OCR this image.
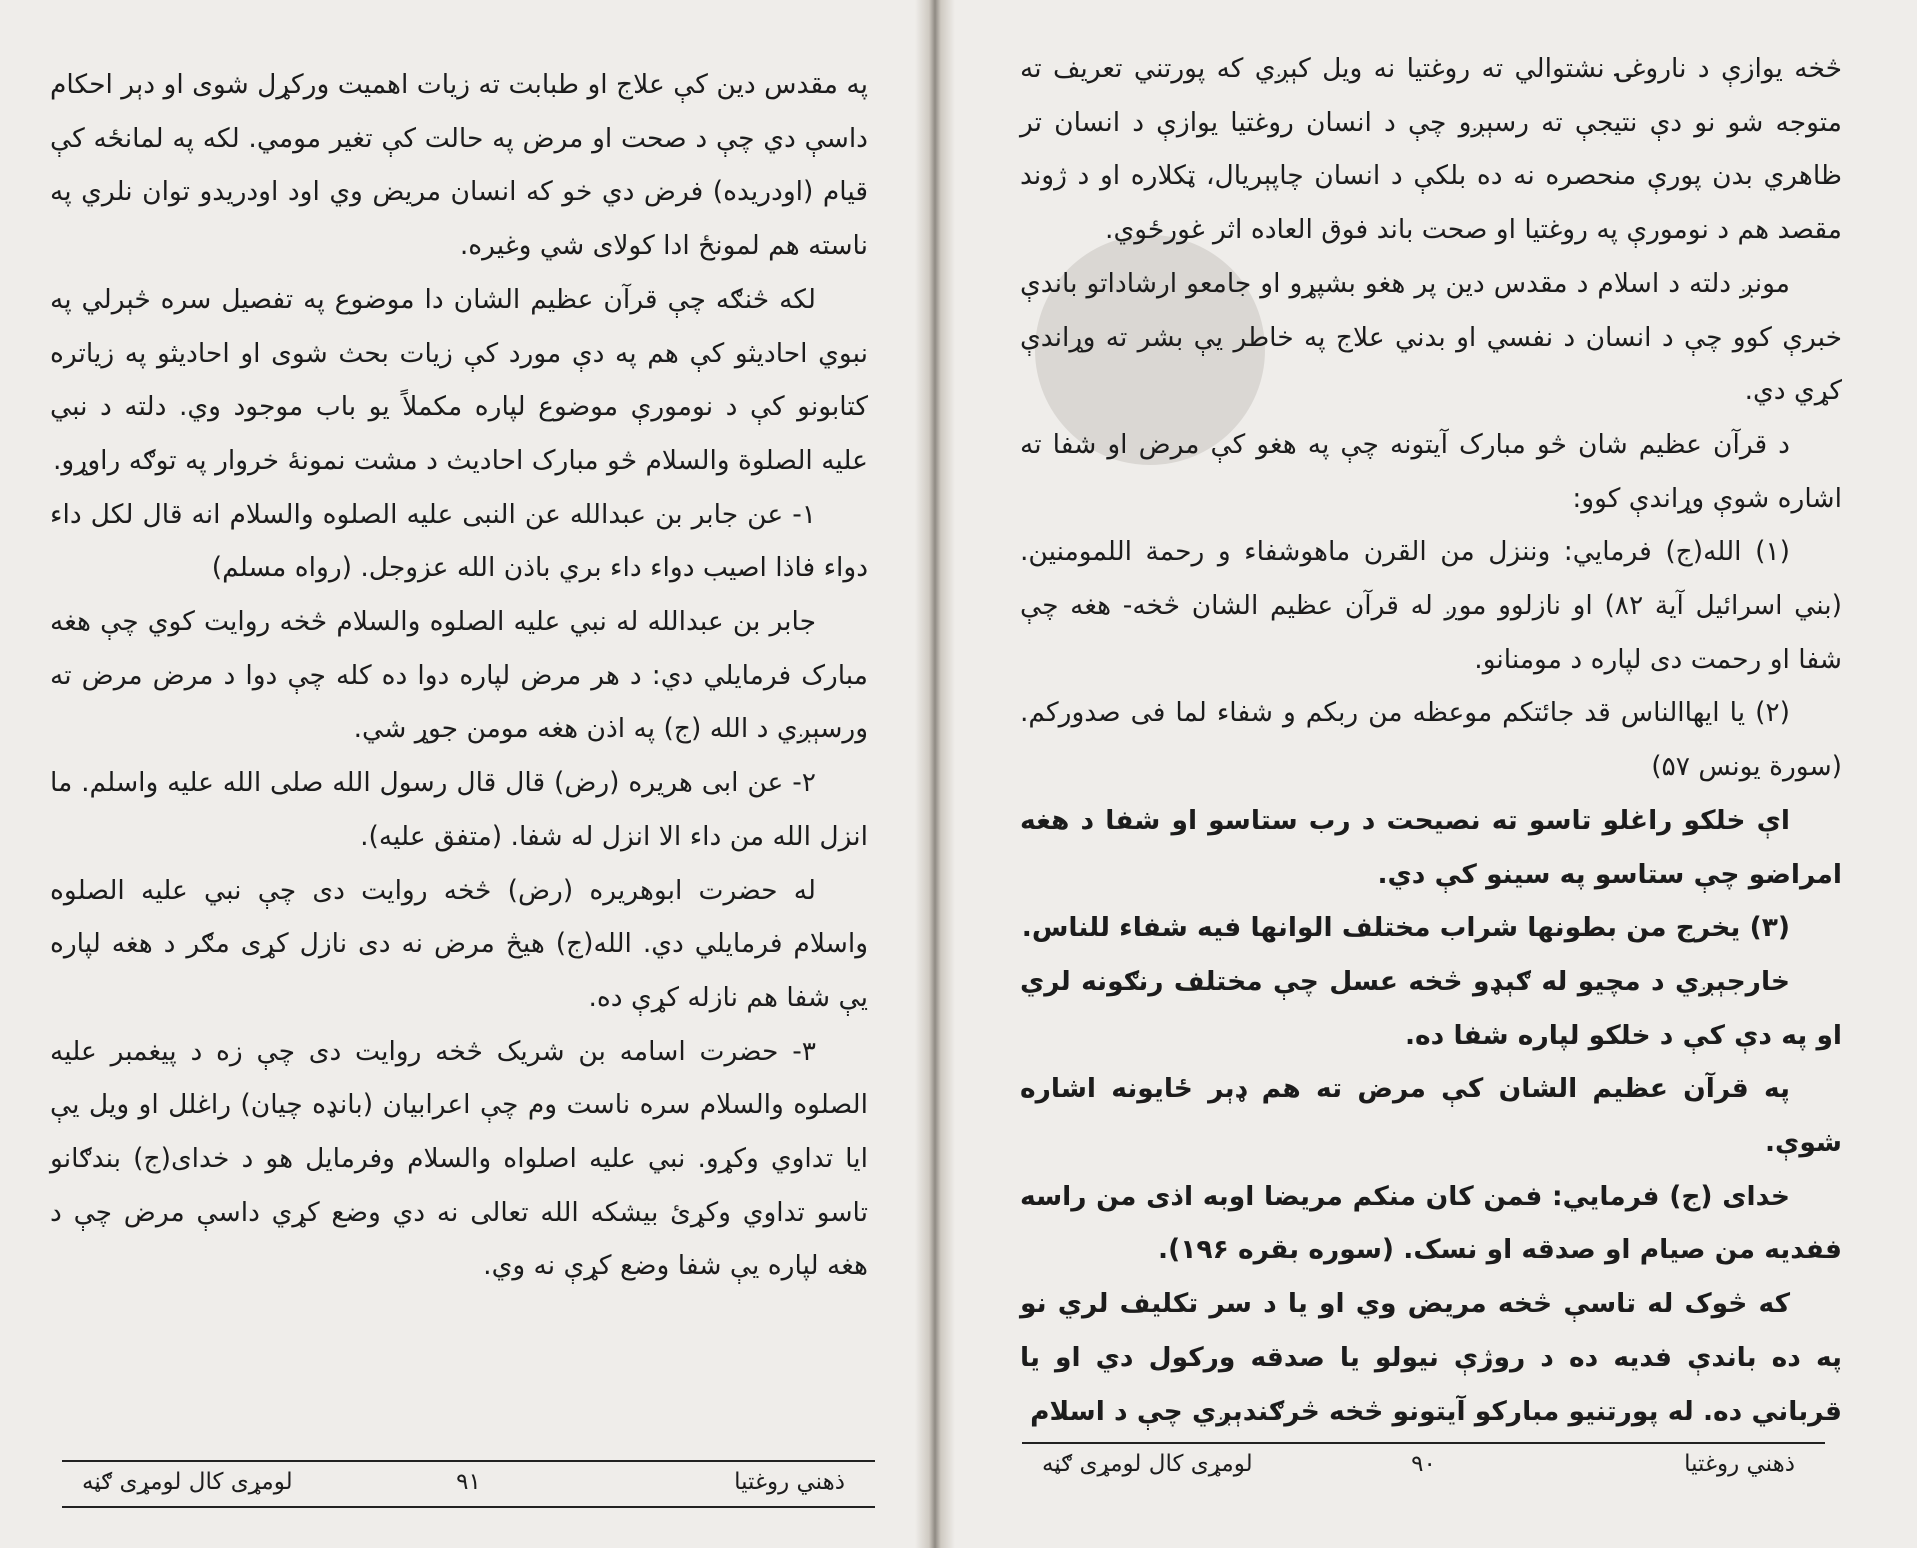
په مقدس دين کې علاج او طبابت ته زيات اهميت ورکړل شوی او دېر احکام داسې دي چې د صحت او مرض په حالت کې تغير مومي. لکه په لمانځه کې قيام (اودريده) فرض دي خو که انسان مريض وي اود اودريدو توان نلري په ناسته هم لمونځ ادا کولای شي وغيره.

لکه څنګه چې قرآن عظيم الشان دا موضوع په تفصيل سره څېرلي په نبوي احاديثو کې هم په دې مورد کې زيات بحث شوی او احاديثو په زياتره کتابونو کې د نومورې موضوع لپاره مکملاً يو باب موجود وي. دلته د نبي عليه الصلوة والسلام څو مبارک احاديث د مشت نمونهٔ خروار په توګه راوړو.

۱- عن جابر بن عبدالله عن النبی عليه الصلوه والسلام انه قال لکل داء دواء فاذا اصيب دواء داء بري باذن الله عزوجل. (رواه مسلم)

جابر بن عبدالله له نبي عليه الصلوه والسلام څخه روايت کوي چې هغه مبارک فرمايلي دي: د هر مرض لپاره دوا ده کله چې دوا د مرض مرض ته ورسېږي د الله (ج) په اذن هغه مومن جوړ شي.

۲- عن ابی هريره (رض) قال قال رسول الله صلی الله عليه واسلم. ما انزل الله من داء الا انزل له شفا. (متفق عليه).

له حضرت ابوهريره (رض) څخه روايت دی چې نبي عليه الصلوه واسلام فرمايلي دي. الله(ج) هيڅ مرض نه دی نازل کړی مګر د هغه لپاره يې شفا هم نازله کړې ده.

۳- حضرت اسامه بن شريک څخه روايت دی چې زه د پيغمبر عليه الصلوه والسلام سره ناست وم چې اعرابيان (بانډه چيان) راغلل او ويل يې ايا تداوي وکړو. نبي عليه اصلواه والسلام وفرمايل هو د خدای(ج) بندګانو تاسو تداوي وکړئ بيشکه الله تعالی نه دي وضع کړي داسې مرض چې د هغه لپاره يې شفا وضع کړې نه وي.

ذهني روغتيا
۹۱
لومړی کال لومړی ګڼه

څخه يوازې د ناروغۍ نشتوالي ته روغتيا نه ويل کېږي که پورتني تعريف ته متوجه شو نو دې نتيجې ته رسېږو چې د انسان روغتيا يوازې د انسان تر ظاهري بدن پورې منحصره نه ده بلکې د انسان چاپېريال، ټکلاره او د ژوند مقصد هم د نومورې په روغتيا او صحت باند فوق العاده اثر غورځوي.

مونږ دلته د اسلام د مقدس دين پر هغو بشپړو او جامعو ارشاداتو باندې خبرې کوو چې د انسان د نفسي او بدني علاج په خاطر يې بشر ته وړاندې کړي دي.

د قرآن عظيم شان څو مبارک آيتونه چې په هغو کې مرض او شفا ته اشاره شوې وړاندې کوو:

(۱) الله(ج) فرمايي: وننزل من القرن ماهوشفاء و رحمة اللمومنين. (بني اسرائيل آية ۸۲) او نازلوو موږ له قرآن عظيم الشان څخه- هغه چې شفا او رحمت دی لپاره د مومنانو.

(۲) يا ايهاالناس قد جائتکم موعظه من ربکم و شفاء لما فی صدورکم. (سورة يونس ۵۷)

اې خلکو راغلو تاسو ته نصيحت د رب ستاسو او شفا د هغه امراضو چې ستاسو په سينو کې دي.

(۳) يخرج من بطونها شراب مختلف الوانها فيه شفاء للناس.

خارجېږي د مچيو له ګېډو څخه عسل چې مختلف رنګونه لري او په دې کې د خلکو لپاره شفا ده.

په قرآن عظيم الشان کې مرض ته هم ډېر ځايونه اشاره شوې.

خدای (ج) فرمايي: فمن کان منکم مريضا اوبه اذی من راسه ففديه من صيام او صدقه او نسک. (سوره بقره ۱۹۶).

که څوک له تاسې څخه مريض وي او يا د سر تکليف لري نو په ده باندې فديه ده د روژې نيولو يا صدقه ورکول دي او يا قرباني ده. له پورتنيو مبارکو آيتونو څخه څرګندېږي چې د اسلام

ذهني روغتيا
۹۰
لومړی کال لومړی ګڼه
